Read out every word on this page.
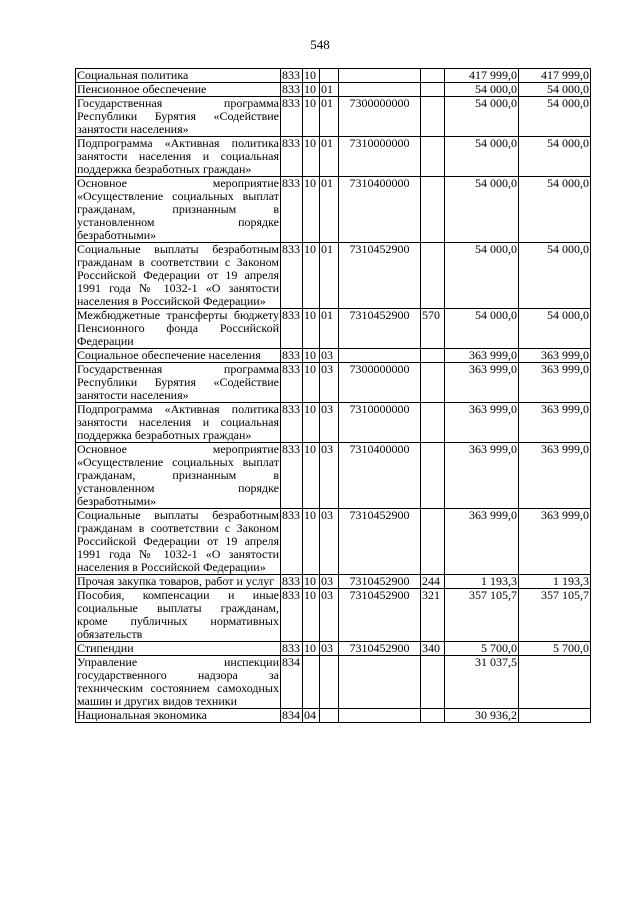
548
Социальная политика	833	10				417 999,0	417 999,0
Пенсионное обеспечение	833	10	01			54 000,0	54 000,0
Государственная программа Республики Бурятия «Содействие занятости населения»	833	10	01	7300000000		54 000,0	54 000,0
Подпрограмма «Активная политика занятости населения и социальная поддержка безработных граждан»	833	10	01	7310000000		54 000,0	54 000,0
Основное мероприятие «Осуществление социальных выплат гражданам, признанным в установленном порядке безработными»	833	10	01	7310400000		54 000,0	54 000,0
Социальные выплаты безработным гражданам в соответствии с Законом Российской Федерации от 19 апреля 1991 года № 1032-1 «О занятости населения в Российской Федерации»	833	10	01	7310452900		54 000,0	54 000,0
Межбюджетные трансферты бюджету Пенсионного фонда Российской Федерации	833	10	01	7310452900	570	54 000,0	54 000,0
Социальное обеспечение населения	833	10	03			363 999,0	363 999,0
Государственная программа Республики Бурятия «Содействие занятости населения»	833	10	03	7300000000		363 999,0	363 999,0
Подпрограмма «Активная политика занятости населения и социальная поддержка безработных граждан»	833	10	03	7310000000		363 999,0	363 999,0
Основное мероприятие «Осуществление социальных выплат гражданам, признанным в установленном порядке безработными»	833	10	03	7310400000		363 999,0	363 999,0
Социальные выплаты безработным гражданам в соответствии с Законом Российской Федерации от 19 апреля 1991 года № 1032-1 «О занятости населения в Российской Федерации»	833	10	03	7310452900		363 999,0	363 999,0
Прочая закупка товаров, работ и услуг	833	10	03	7310452900	244	1 193,3	1 193,3
Пособия, компенсации и иные социальные выплаты гражданам, кроме публичных нормативных обязательств	833	10	03	7310452900	321	357 105,7	357 105,7
Стипендии	833	10	03	7310452900	340	5 700,0	5 700,0
Управление инспекции государственного надзора за техническим состоянием самоходных машин и других видов техники	834					31 037,5	
Национальная экономика	834	04				30 936,2	
